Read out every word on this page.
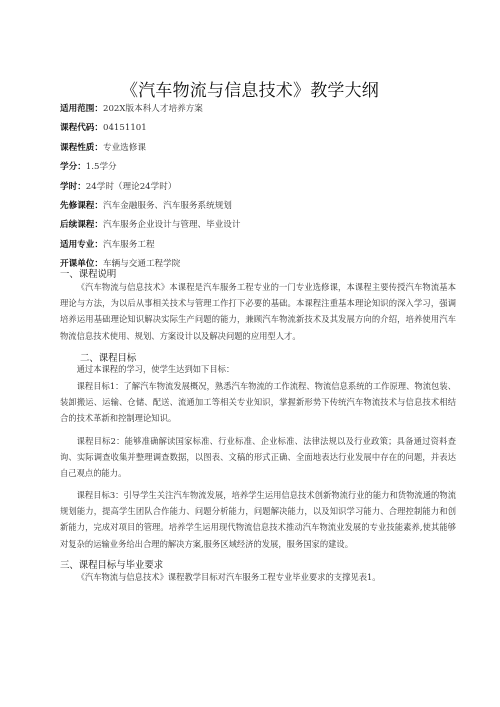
《汽车物流与信息技术》教学大纲
适用范围：202X版本科人才培养方案
课程代码：04151101
课程性质：专业选修课
学分：1.5学分
学时：24学时（理论24学时）
先修课程：汽车金融服务、汽车服务系统规划
后续课程：汽车服务企业设计与管理、毕业设计
适用专业：汽车服务工程
开课单位：车辆与交通工程学院
一、课程说明
《汽车物流与信息技术》本课程是汽车服务工程专业的一门专业选修课，本课程主要传授汽车物流基本理论与方法，为以后从事相关技术与管理工作打下必要的基础。本课程注重基本理论知识的深入学习，强调培养运用基础理论知识解决实际生产问题的能力，兼顾汽车物流新技术及其发展方向的介绍，培养使用汽车物流信息技术使用、规划、方案设计以及解决问题的应用型人才。
二、课程目标
通过本课程的学习，使学生达到如下目标：
课程目标1：了解汽车物流发展概况，熟悉汽车物流的工作流程、物流信息系统的工作原理、物流包装、装卸搬运、运输、仓储、配送、流通加工等相关专业知识，掌握新形势下传统汽车物流技术与信息技术相结合的技术革新和控制理论知识。
课程目标2：能够准确解读国家标准、行业标准、企业标准、法律法规以及行业政策；具备通过资料查询、实际调查收集并整理调查数据，以图表、文稿的形式正确、全面地表达行业发展中存在的问题，并表达自己观点的能力。
课程目标3：引导学生关注汽车物流发展，培养学生运用信息技术创新物流行业的能力和货物流通的物流规划能力，提高学生团队合作能力、问题分析能力，问题解决能力，以及知识学习能力、合理控制能力和创新能力，完成对项目的管理。培养学生运用现代物流信息技术推动汽车物流业发展的专业技能素养,使其能够对复杂的运输业务给出合理的解决方案,服务区域经济的发展，服务国家的建设。
三、课程目标与毕业要求
《汽车物流与信息技术》课程教学目标对汽车服务工程专业毕业要求的支撑见表1。
